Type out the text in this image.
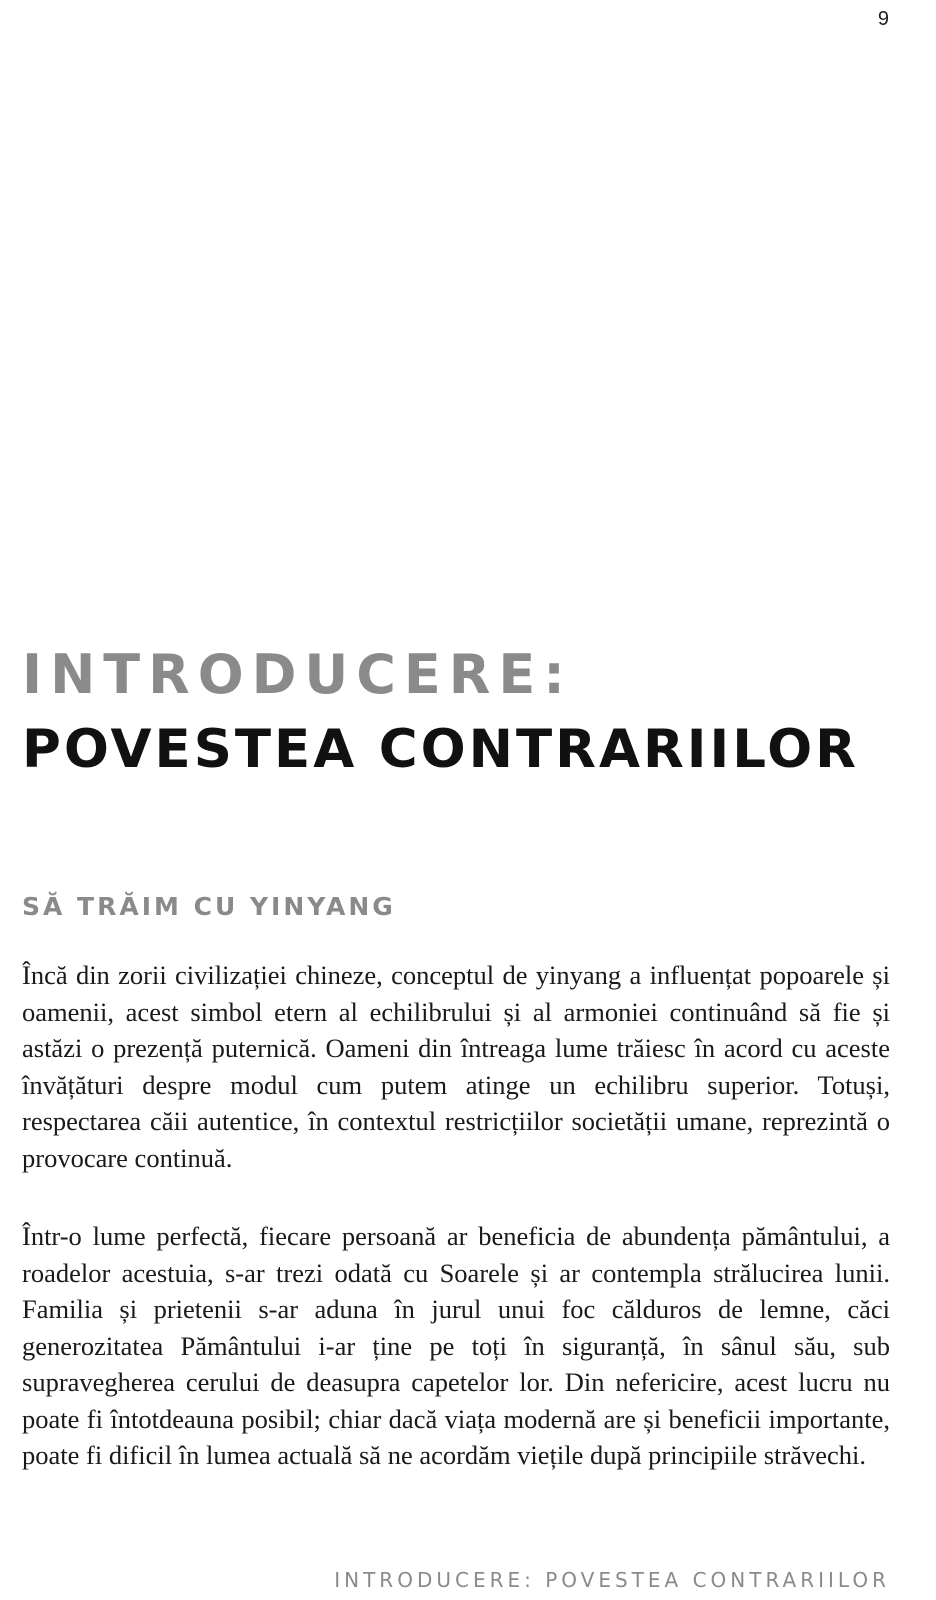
9
INTRODUCERE:
POVESTEA CONTRARIILOR
SĂ TRĂIM CU YINYANG

Încă din zorii civilizației chineze, conceptul de yinyang a influențat popoarele și oamenii, acest simbol etern al echilibrului și al armoniei continuând să fie și astăzi o prezență puternică. Oameni din întreaga lume trăiesc în acord cu aceste învățături despre modul cum putem atinge un echilibru superior. Totuși, respectarea căii autentice, în contextul restricțiilor societății umane, reprezintă o provocare continuă.

Într-o lume perfectă, fiecare persoană ar beneficia de abundența pământului, a roadelor acestuia, s-ar trezi odată cu Soarele și ar contempla strălucirea lunii. Familia și prietenii s-ar aduna în jurul unui foc călduros de lemne, căci generozitatea Pământului i-ar ține pe toți în siguranță, în sânul său, sub supravegherea cerului de deasupra capetelor lor. Din nefericire, acest lucru nu poate fi întotdeauna posibil; chiar dacă viața modernă are și beneficii importante, poate fi dificil în lumea actuală să ne acordăm viețile după principiile străvechi.

INTRODUCERE: POVESTEA CONTRARIILOR
